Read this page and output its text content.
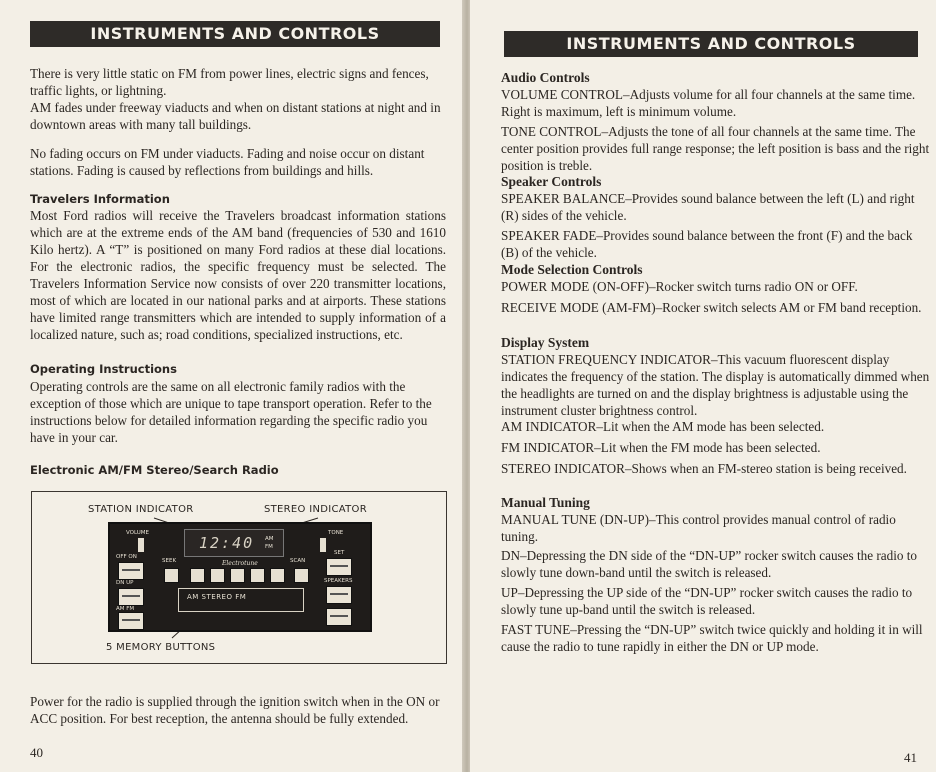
INSTRUMENTS AND CONTROLS

There is very little static on FM from power lines, electric signs and fences, traffic lights, or lightning.

AM fades under freeway viaducts and when on distant stations at night and in downtown areas with many tall buildings.

No fading occurs on FM under viaducts. Fading and noise occur on distant stations. Fading is caused by reflections from buildings and hills.

Travelers Information

Most Ford radios will receive the Travelers broadcast information stations which are at the extreme ends of the AM band (frequencies of 530 and 1610 Kilo hertz). A “T” is positioned on many Ford radios at these dial locations. For the electronic radios, the specific frequency must be selected. The Travelers Information Service now consists of over 220 transmitter locations, most of which are located in our national parks and at airports. These stations have limited range transmitters which are intended to supply information of a localized nature, such as; road conditions, specialized instructions, etc.

Operating Instructions

Operating controls are the same on all electronic family radios with the exception of those which are unique to tape transport operation. Refer to the instructions below for detailed information regarding the specific radio you have in your car.

Electronic AM/FM Stereo/Search Radio
STATION INDICATOR	STEREO INDICATOR
5 MEMORY BUTTONS
VOLUME	TONE
OFF ON
DN UP
AM FM
12:40 AM
FM
SEEK	SCAN
Electrotune
AM STEREO FM
SET
SPEAKERS

Power for the radio is supplied through the ignition switch when in the ON or ACC position. For best reception, the antenna should be fully extended.

40
INSTRUMENTS AND CONTROLS
Audio Controls

VOLUME CONTROL–Adjusts volume for all four channels at the same time. Right is maximum, left is minimum volume.

TONE CONTROL–Adjusts the tone of all four channels at the same time. The center position provides full range response; the left position is bass and the right position is treble.

Speaker Controls

SPEAKER BALANCE–Provides sound balance between the left (L) and right (R) sides of the vehicle.

SPEAKER FADE–Provides sound balance between the front (F) and the back (B) of the vehicle.

Mode Selection Controls

POWER MODE (ON-OFF)–Rocker switch turns radio ON or OFF.

RECEIVE MODE (AM-FM)–Rocker switch selects AM or FM band reception.

Display System

STATION FREQUENCY INDICATOR–This vacuum fluorescent display indicates the frequency of the station. The display is automatically dimmed when the headlights are turned on and the display brightness is adjustable using the instrument cluster brightness control.

AM INDICATOR–Lit when the AM mode has been selected.

FM INDICATOR–Lit when the FM mode has been selected.

STEREO INDICATOR–Shows when an FM-stereo station is being received.

Manual Tuning

MANUAL TUNE (DN-UP)–This control provides manual control of radio tuning.

DN–Depressing the DN side of the “DN-UP” rocker switch causes the radio to slowly tune down-band until the switch is released.

UP–Depressing the UP side of the “DN-UP” rocker switch causes the radio to slowly tune up-band until the switch is released.

FAST TUNE–Pressing the “DN-UP” switch twice quickly and holding it in will cause the radio to tune rapidly in either the DN or UP mode.

41
